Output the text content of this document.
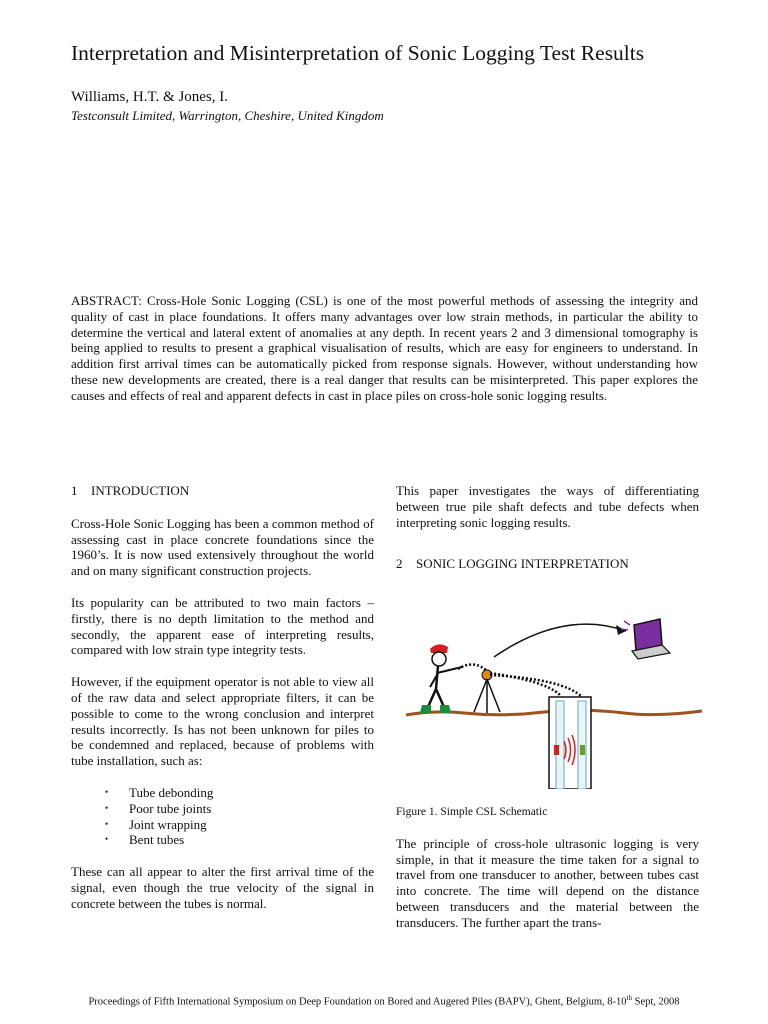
Interpretation and Misinterpretation of Sonic Logging Test Results
Williams, H.T. & Jones, I.
Testconsult Limited, Warrington, Cheshire, United Kingdom
ABSTRACT: Cross-Hole Sonic Logging (CSL) is one of the most powerful methods of assessing the integrity and quality of cast in place foundations. It offers many advantages over low strain methods, in particular the ability to determine the vertical and lateral extent of anomalies at any depth. In recent years 2 and 3 dimensional tomography is being applied to results to present a graphical visualisation of results, which are easy for engineers to understand. In addition first arrival times can be automatically picked from response signals. However, without understanding how these new developments are created, there is a real danger that results can be misinterpreted. This paper explores the causes and effects of real and apparent defects in cast in place piles on cross-hole sonic logging results.
1 INTRODUCTION

Cross-Hole Sonic Logging has been a common method of assessing cast in place concrete foundations since the 1960’s. It is now used extensively throughout the world and on many significant construction projects.

Its popularity can be attributed to two main factors – firstly, there is no depth limitation to the method and secondly, the apparent ease of interpreting results, compared with low strain type integrity tests.

However, if the equipment operator is not able to view all of the raw data and select appropriate filters, it can be possible to come to the wrong conclusion and interpret results incorrectly. Is has not been unknown for piles to be condemned and replaced, because of problems with tube installation, such as:

• Tube debonding
• Poor tube joints
• Joint wrapping
• Bent tubes

These can all appear to alter the first arrival time of the signal, even though the true velocity of the signal in concrete between the tubes is normal.

This paper investigates the ways of differentiating between true pile shaft defects and tube defects when interpreting sonic logging results.

2 SONIC LOGGING INTERPRETATION
Figure 1. Simple CSL Schematic

The principle of cross-hole ultrasonic logging is very simple, in that it measure the time taken for a signal to travel from one transducer to another, between tubes cast into concrete. The time will depend on the distance between transducers and the material between the transducers. The further apart the trans-

Proceedings of Fifth International Symposium on Deep Foundation on Bored and Augered Piles (BAPV), Ghent, Belgium, 8-10th Sept, 2008
